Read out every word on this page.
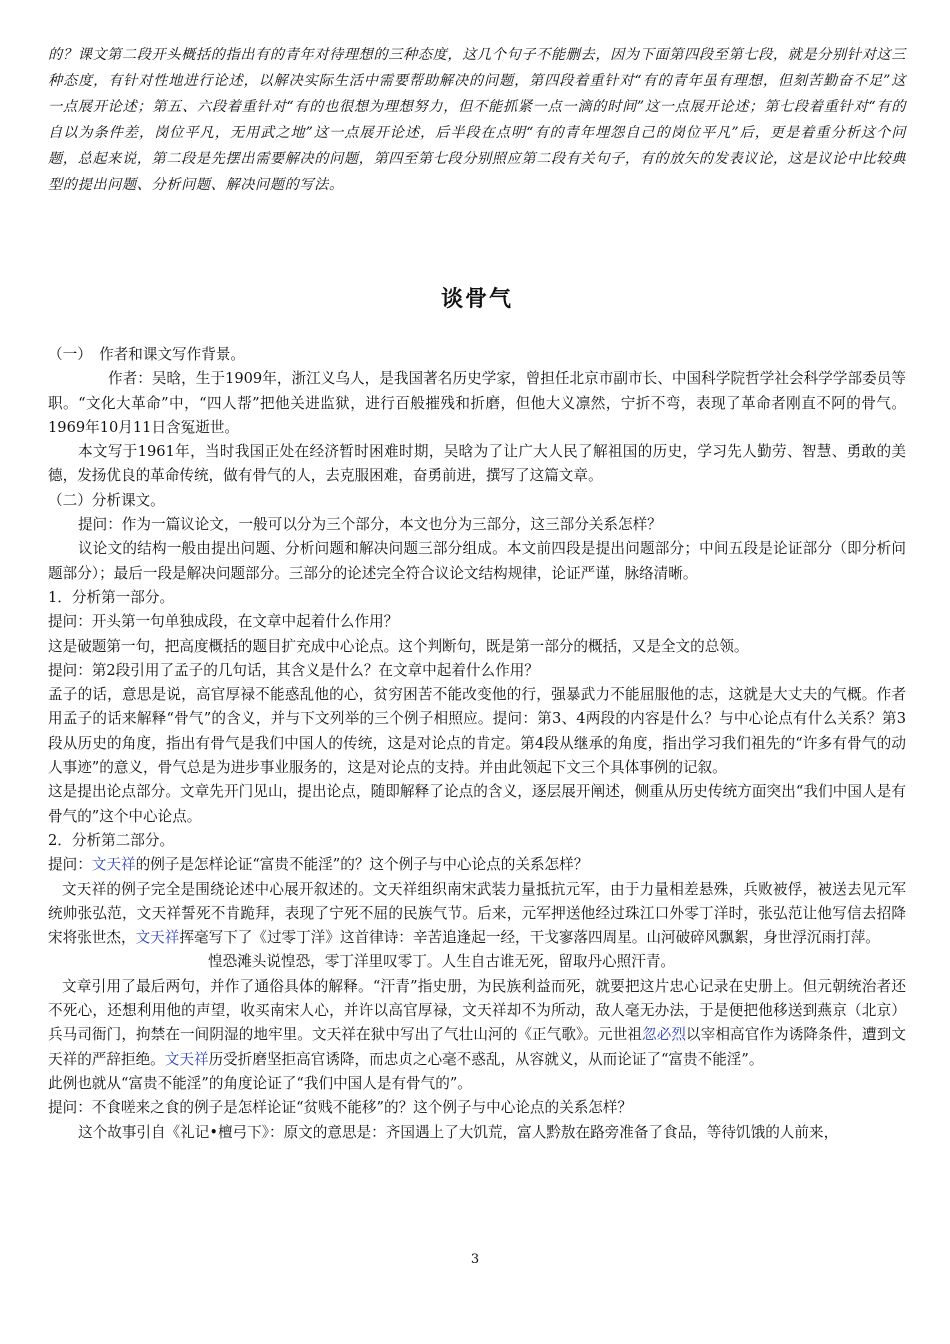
的？课文第二段开头概括的指出有的青年对待理想的三种态度，这几个句子不能删去，因为下面第四段至第七段，就是分别针对这三种态度，有针对性地进行论述，以解决实际生活中需要帮助解决的问题，第四段着重针对“有的青年虽有理想，但刻苦勤奋不足”这一点展开论述；第五、六段着重针对“有的也很想为理想努力，但不能抓紧一点一滴的时间”这一点展开论述；第七段着重针对“有的自以为条件差，岗位平凡，无用武之地”这一点展开论述，后半段在点明“有的青年埋怨自己的岗位平凡”后，更是着重分析这个问题，总起来说，第二段是先摆出需要解决的问题，第四至第七段分别照应第二段有关句子，有的放矢的发表议论，这是议论中比较典型的提出问题、分析问题、解决问题的写法。

谈骨气

（一）　作者和课文写作背景。

作者：吴晗，生于1909年，浙江义乌人，是我国著名历史学家，曾担任北京市副市长、中国科学院哲学社会科学学部委员等职。“文化大革命”中，“四人帮”把他关进监狱，进行百般摧残和折磨，但他大义凛然，宁折不弯，表现了革命者刚直不阿的骨气。1969年10月11日含冤逝世。

本文写于1961年，当时我国正处在经济暂时困难时期，吴晗为了让广大人民了解祖国的历史，学习先人勤劳、智慧、勇敢的美德，发扬优良的革命传统，做有骨气的人，去克服困难，奋勇前进，撰写了这篇文章。

（二）分析课文。

提问：作为一篇议论文，一般可以分为三个部分，本文也分为三部分，这三部分关系怎样？

议论文的结构一般由提出问题、分析问题和解决问题三部分组成。本文前四段是提出问题部分；中间五段是论证部分（即分析问题部分）；最后一段是解决问题部分。三部分的论述完全符合议论文结构规律，论证严谨，脉络清晰。

1．分析第一部分。

提问：开头第一句单独成段，在文章中起着什么作用？

这是破题第一句，把高度概括的题目扩充成中心论点。这个判断句，既是第一部分的概括，又是全文的总领。

提问：第2段引用了孟子的几句话，其含义是什么？在文章中起着什么作用？

孟子的话，意思是说，高官厚禄不能惑乱他的心，贫穷困苦不能改变他的行，强暴武力不能屈服他的志，这就是大丈夫的气概。作者用孟子的话来解释“骨气”的含义，并与下文列举的三个例子相照应。提问：第3、4两段的内容是什么？与中心论点有什么关系？第3段从历史的角度，指出有骨气是我们中国人的传统，这是对论点的肯定。第4段从继承的角度，指出学习我们祖先的“许多有骨气的动人事迹”的意义，骨气总是为进步事业服务的，这是对论点的支持。并由此领起下文三个具体事例的记叙。

这是提出论点部分。文章先开门见山，提出论点，随即解释了论点的含义，逐层展开阐述，侧重从历史传统方面突出“我们中国人是有骨气的”这个中心论点。

2．分析第二部分。

提问：文天祥的例子是怎样论证“富贵不能淫”的？这个例子与中心论点的关系怎样？

文天祥的例子完全是围绕论述中心展开叙述的。文天祥组织南宋武装力量抵抗元军，由于力量相差悬殊，兵败被俘，被送去见元军统帅张弘范，文天祥誓死不肯跪拜，表现了宁死不屈的民族气节。后来，元军押送他经过珠江口外零丁洋时，张弘范让他写信去招降宋将张世杰，文天祥挥毫写下了《过零丁洋》这首律诗：辛苦追逢起一经，干戈寥落四周星。山河破碎风飘絮，身世浮沉雨打萍。

惶恐滩头说惶恐，零丁洋里叹零丁。人生自古谁无死，留取丹心照汗青。

文章引用了最后两句，并作了通俗具体的解释。“汗青”指史册，为民族利益而死，就要把这片忠心记录在史册上。但元朝统治者还不死心，还想利用他的声望，收买南宋人心，并许以高官厚禄，文天祥却不为所动，敌人毫无办法，于是便把他移送到燕京（北京）兵马司衙门，拘禁在一间阴湿的地牢里。文天祥在狱中写出了气壮山河的《正气歌》。元世祖忽必烈以宰相高官作为诱降条件，遭到文天祥的严辞拒绝。文天祥历受折磨坚拒高官诱降，而忠贞之心毫不惑乱，从容就义，从而论证了“富贵不能淫”。

此例也就从“富贵不能淫”的角度论证了“我们中国人是有骨气的”。

提问：不食嗟来之食的例子是怎样论证“贫贱不能移”的？这个例子与中心论点的关系怎样？

这个故事引自《礼记•檀弓下》：原文的意思是：齐国遇上了大饥荒，富人黔敖在路旁准备了食品，等待饥饿的人前来，

3
